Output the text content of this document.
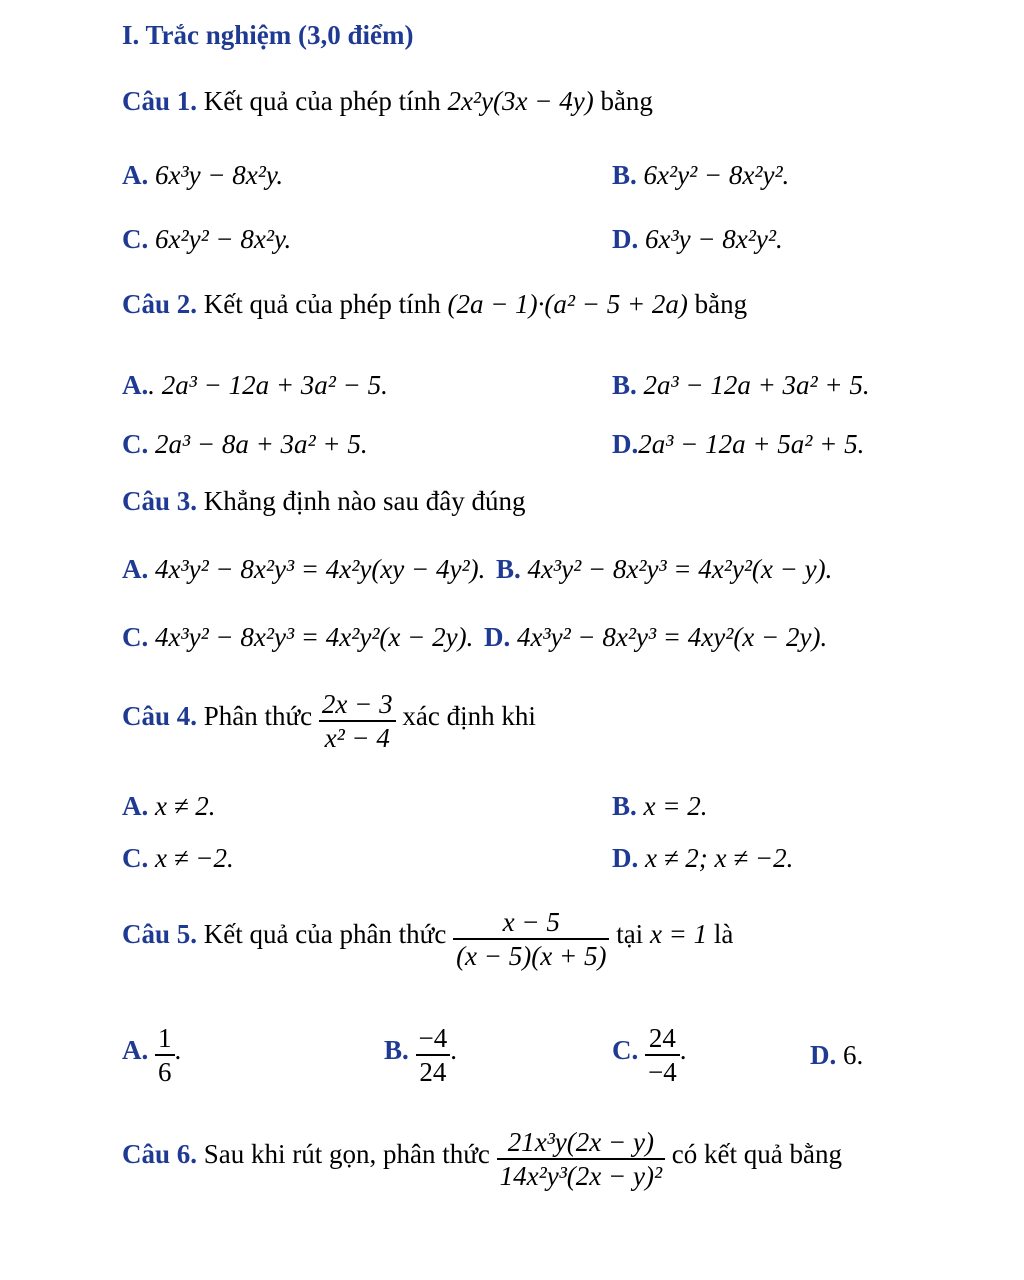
I. Trắc nghiệm (3,0 điểm)
Câu 1. Kết quả của phép tính 2x²y(3x − 4y) bằng
A. 6x³y − 8x²y.	B. 6x²y² − 8x²y².
C. 6x²y² − 8x²y.	D. 6x³y − 8x²y².
Câu 2. Kết quả của phép tính (2a − 1)·(a² − 5 + 2a) bằng
A.. 2a³ − 12a + 3a² − 5.	B. 2a³ − 12a + 3a² + 5.
C. 2a³ − 8a + 3a² + 5.	D.2a³ − 12a + 5a² + 5.
Câu 3. Khẳng định nào sau đây đúng
A. 4x³y² − 8x²y³ = 4x²y(xy − 4y²). B. 4x³y² − 8x²y³ = 4x²y²(x − y).
C. 4x³y² − 8x²y³ = 4x²y²(x − 2y). D. 4x³y² − 8x²y³ = 4xy²(x − 2y).
Câu 4. Phân thức $\frac{2x - 3}{\text{x² − 4}}$ xác định khi
A. x ≠ 2.	B. x = 2.
C. x ≠ −2.	D. x ≠ 2; x ≠ −2.
Câu 5. Kết quả của phân thức $\frac{x - 5}{(x - 5)(x + 5)}$ tại x = 1 là
A. $\frac{1}{6}$ .	B. $\frac{-4}{24}$ .	C. $\frac{24}{-4}$ .	D. 6.
Câu 6. Sau khi rút gọn, phân thức $\frac{\text{21x³y(2x − y)}}{\text{14x²y³(2x − y)²}}$ có kết quả bằng
